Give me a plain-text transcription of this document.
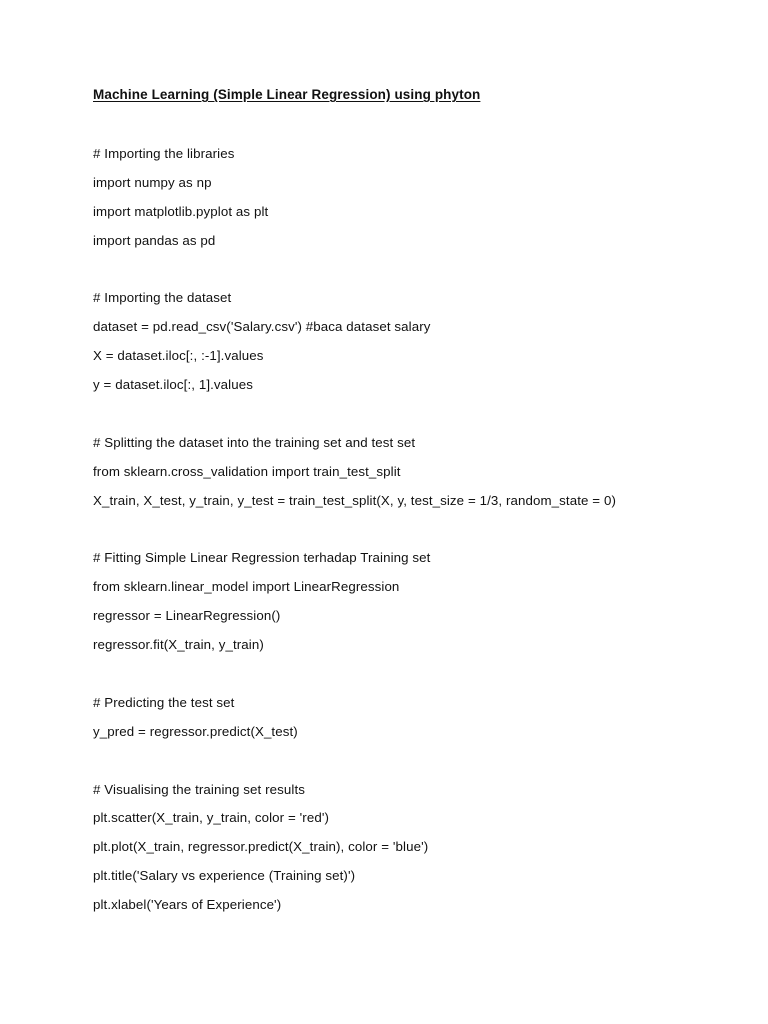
Machine Learning (Simple Linear Regression) using phyton
# Importing the libraries
import numpy as np
import matplotlib.pyplot as plt
import pandas as pd
# Importing the dataset
dataset = pd.read_csv('Salary.csv') #baca dataset salary
X = dataset.iloc[:, :-1].values
y = dataset.iloc[:, 1].values
# Splitting the dataset into the training set and test set
from sklearn.cross_validation import train_test_split
X_train, X_test, y_train, y_test = train_test_split(X, y, test_size = 1/3, random_state = 0)
# Fitting Simple Linear Regression terhadap Training set
from sklearn.linear_model import LinearRegression
regressor = LinearRegression()
regressor.fit(X_train, y_train)
# Predicting the test set
y_pred = regressor.predict(X_test)
# Visualising the training set results
plt.scatter(X_train, y_train, color = 'red')
plt.plot(X_train, regressor.predict(X_train), color = 'blue')
plt.title('Salary vs experience (Training set)')
plt.xlabel('Years of Experience')
